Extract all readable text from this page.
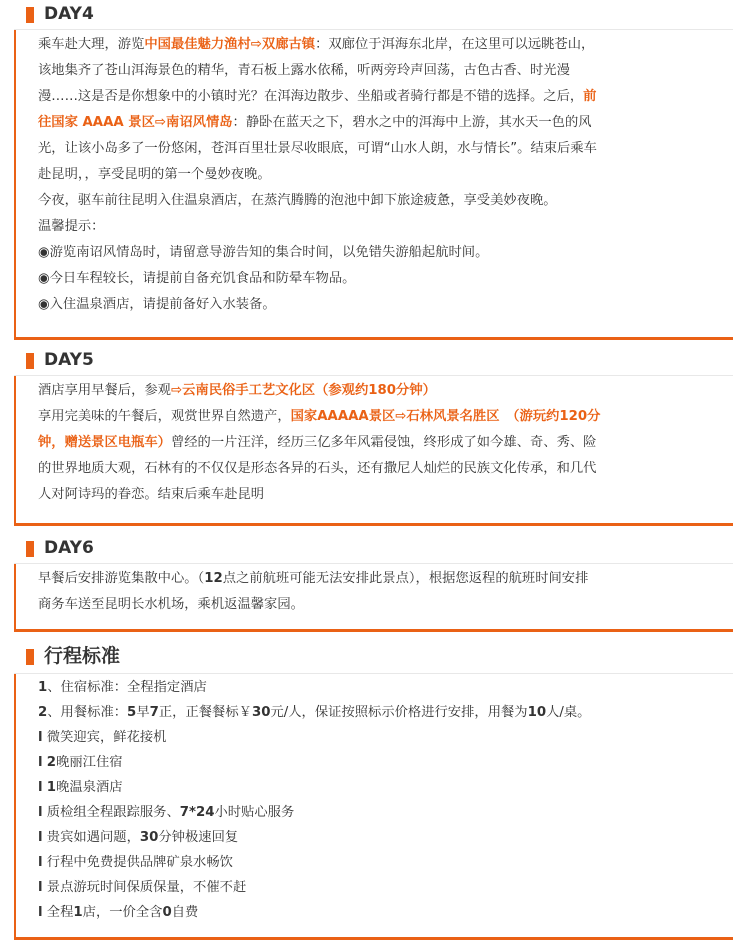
DAY4
乘车赴大理，游览中国最佳魅力渔村⇨双廊古镇：双廊位于洱海东北岸，在这里可以远眺苍山，
该地集齐了苍山洱海景色的精华，青石板上露水依稀，听两旁玲声回荡，古色古香、时光漫
漫……这是否是你想象中的小镇时光？在洱海边散步、坐船或者骑行都是不错的选择。之后，前
往国家 AAAA 景区⇨南诏风情岛：静卧在蓝天之下，碧水之中的洱海中上游，其水天一色的风
光，让该小岛多了一份悠闲，苍洱百里壮景尽收眼底，可谓“山水人朗，水与情长”。结束后乘车
赴昆明，，享受昆明的第一个曼妙夜晚。
今夜，驱车前往昆明入住温泉酒店，在蒸汽腾腾的泡池中卸下旅途疲惫，享受美妙夜晚。
温馨提示：
◉游览南诏风情岛时，请留意导游告知的集合时间，以免错失游船起航时间。
◉今日车程较长，请提前自备充饥食品和防晕车物品。
◉入住温泉酒店，请提前备好入水装备。
DAY5
酒店享用早餐后，参观⇨云南民俗手工艺文化区（参观约180分钟）
享用完美味的午餐后，观赏世界自然遗产，国家AAAAA景区⇨石林风景名胜区　（游玩约120分
钟，赠送景区电瓶车）曾经的一片汪洋，经历三亿多年风霜侵蚀，终形成了如今雄、奇、秀、险
的世界地质大观，石林有的不仅仅是形态各异的石头，还有撒尼人灿烂的民族文化传承，和几代
人对阿诗玛的眷恋。结束后乘车赴昆明
DAY6
早餐后安排游览集散中心。（12点之前航班可能无法安排此景点），根据您返程的航班时间安排
商务车送至昆明长水机场，乘机返温馨家园。
行程标准
1、住宿标准：全程指定酒店
2、用餐标准：5早7正，正餐餐标￥30元/人，保证按照标示价格进行安排，用餐为10人/桌。
l 微笑迎宾，鲜花接机
l 2晚丽江住宿
l 1晚温泉酒店
l 质检组全程跟踪服务、7*24小时贴心服务
l 贵宾如遇问题，30分钟极速回复
l 行程中免费提供品牌矿泉水畅饮
l 景点游玩时间保质保量，不催不赶
l 全程1店，一价全含0自费
